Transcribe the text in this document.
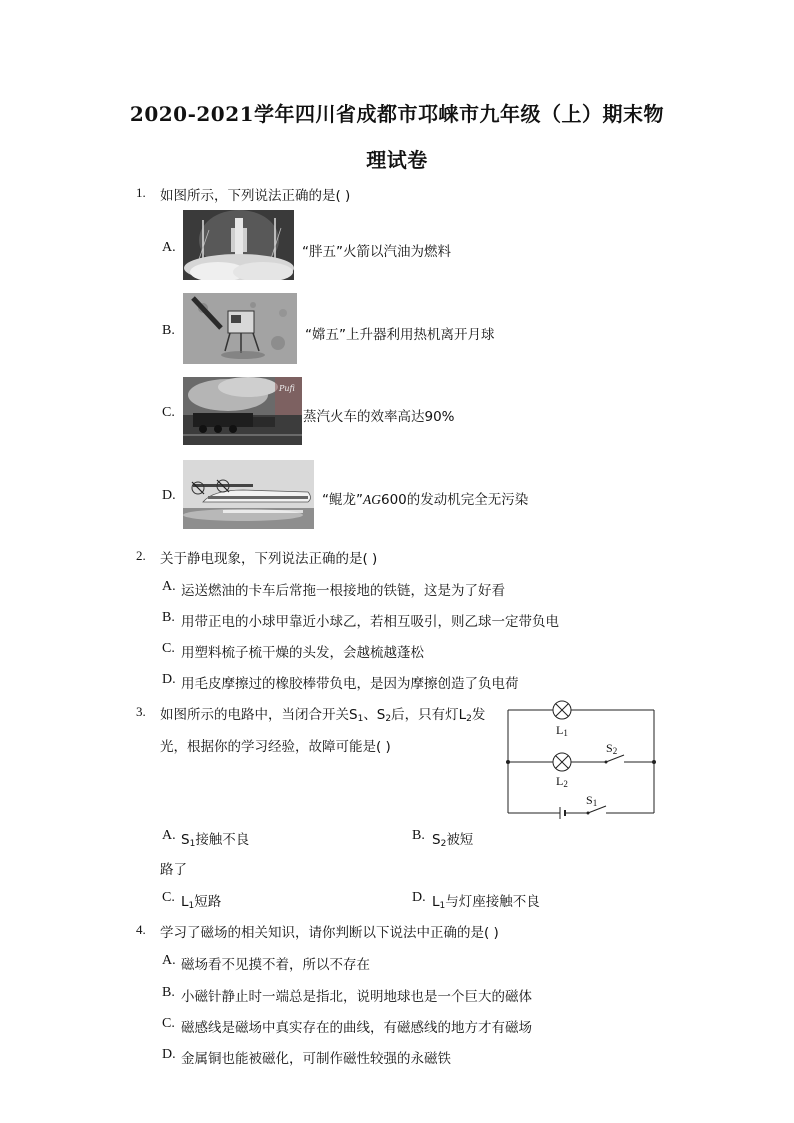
2020-2021学年四川省成都市邛崃市九年级（上）期末物
理试卷
1. 如图所示，下列说法正确的是( )
A.	“胖五”火箭以汽油为燃料
B.	“嫦五”上升器利用热机离开月球
C.
Pufi
蒸汽火车的效率高达90%
D.	“鲲龙”AG600的发动机完全无污染
2. 关于静电现象，下列说法正确的是( )
A. 运送燃油的卡车后常拖一根接地的铁链，这是为了好看
B. 用带正电的小球甲靠近小球乙，若相互吸引，则乙球一定带负电
C. 用塑料梳子梳干燥的头发，会越梳越蓬松
D. 用毛皮摩擦过的橡胶棒带负电，是因为摩擦创造了负电荷
3. 如图所示的电路中，当闭合开关$S_1$、$S_2$后，只有灯$L_2$发
光，根据你的学习经验，故障可能是( )
$L_1$
$L_2$
$S_2$
$S_1$
A. $S_1$接触不良	B. $S_2$被短
路了
C. $L_1$短路	D. $L_1$与灯座接触不良
4. 学习了磁场的相关知识，请你判断以下说法中正确的是( )
A. 磁场看不见摸不着，所以不存在
B. 小磁针静止时一端总是指北，说明地球也是一个巨大的磁体
C. 磁感线是磁场中真实存在的曲线，有磁感线的地方才有磁场
D. 金属铜也能被磁化，可制作磁性较强的永磁铁
